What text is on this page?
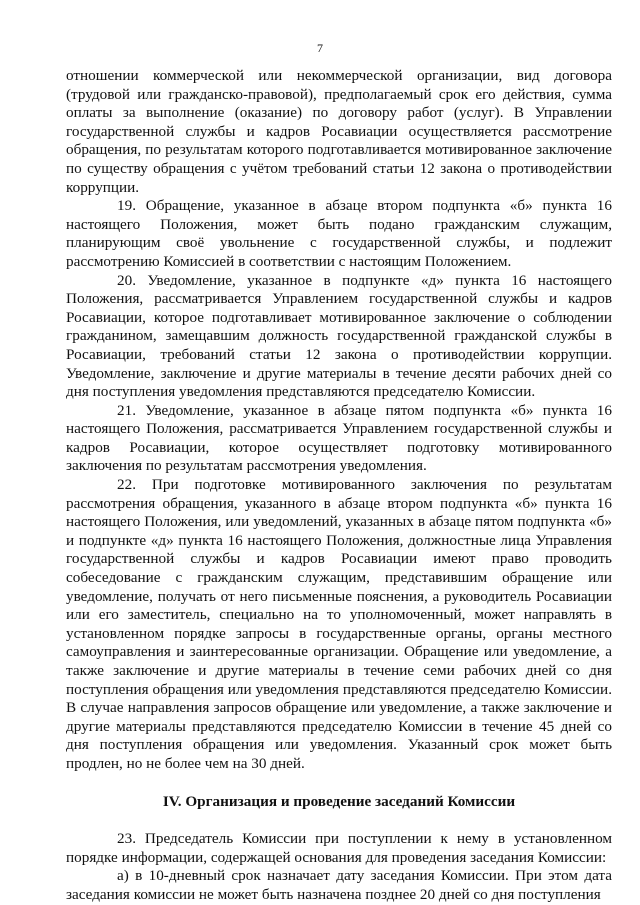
7

отношении коммерческой или некоммерческой организации, вид договора (трудовой или гражданско-правовой), предполагаемый срок его действия, сумма оплаты за выполнение (оказание) по договору работ (услуг). В Управлении государственной службы и кадров Росавиации осуществляется рассмотрение обращения, по результатам которого подготавливается мотивированное заключение по существу обращения с учётом требований статьи 12 закона о противодействии коррупции.

19. Обращение, указанное в абзаце втором подпункта «б» пункта 16 настоящего Положения, может быть подано гражданским служащим, планирующим своё увольнение с государственной службы, и подлежит рассмотрению Комиссией в соответствии с настоящим Положением.

20. Уведомление, указанное в подпункте «д» пункта 16 настоящего Положения, рассматривается Управлением государственной службы и кадров Росавиации, которое подготавливает мотивированное заключение о соблюдении гражданином, замещавшим должность государственной гражданской службы в Росавиации, требований статьи 12 закона о противодействии коррупции. Уведомление, заключение и другие материалы в течение десяти рабочих дней со дня поступления уведомления представляются председателю Комиссии.

21. Уведомление, указанное в абзаце пятом подпункта «б» пункта 16 настоящего Положения, рассматривается Управлением государственной службы и кадров Росавиации, которое осуществляет подготовку мотивированного заключения по результатам рассмотрения уведомления.

22. При подготовке мотивированного заключения по результатам рассмотрения обращения, указанного в абзаце втором подпункта «б» пункта 16 настоящего Положения, или уведомлений, указанных в абзаце пятом подпункта «б» и подпункте «д» пункта 16 настоящего Положения, должностные лица Управления государственной службы и кадров Росавиации имеют право проводить собеседование с гражданским служащим, представившим обращение или уведомление, получать от него письменные пояснения, а руководитель Росавиации или его заместитель, специально на то уполномоченный, может направлять в установленном порядке запросы в государственные органы, органы местного самоуправления и заинтересованные организации. Обращение или уведомление, а также заключение и другие материалы в течение семи рабочих дней со дня поступления обращения или уведомления представляются председателю Комиссии. В случае направления запросов обращение или уведомление, а также заключение и другие материалы представляются председателю Комиссии в течение 45 дней со дня поступления обращения или уведомления. Указанный срок может быть продлен, но не более чем на 30 дней.

IV. Организация и проведение заседаний Комиссии

23. Председатель Комиссии при поступлении к нему в установленном порядке информации, содержащей основания для проведения заседания Комиссии:

а) в 10-дневный срок назначает дату заседания Комиссии. При этом дата заседания комиссии не может быть назначена позднее 20 дней со дня поступления
